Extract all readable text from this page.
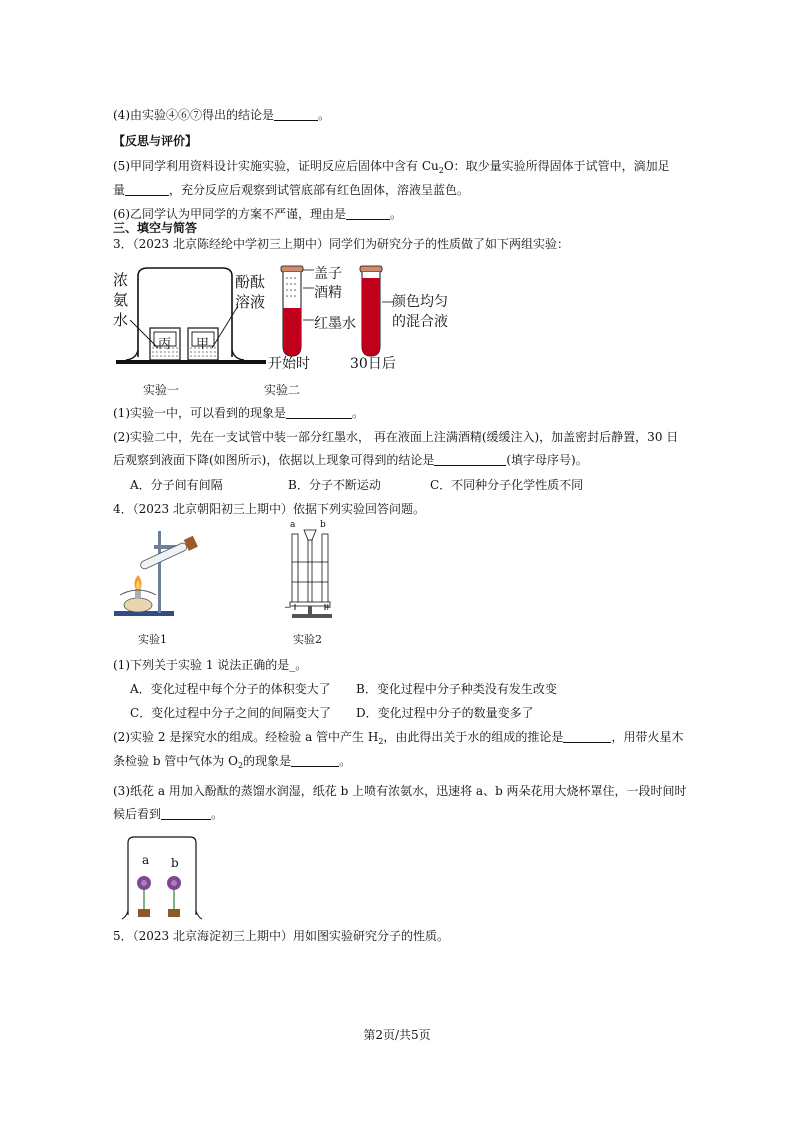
(4)由实验④⑥⑦得出的结论是	。
【反思与评价】
(5)甲同学利用资料设计实施实验，证明反应后固体中含有 $Cu_2O$：取少量实验所得固体于试管中，滴加足
量	，充分反应后观察到试管底部有红色固体，溶液呈蓝色。
(6)乙同学认为甲同学的方案不严谨，理由是	。
三、填空与简答
3．（2023 北京陈经纶中学初三上期中）同学们为研究分子的性质做了如下两组实验：
浓
氨
水
酚酞
溶液
丙 甲
实验一
盖子
酒精
红墨水
颜色均匀
的混合液
开始时	30日后
实验二
(1)实验一中，可以看到的现象是	。
(2)实验二中，先在一支试管中装一部分红墨水， 再在液面上注满酒精(缓缓注入)，加盖密封后静置，30 日
后观察到液面下降(如图所示)，依据以上现象可得到的结论是	(填字母序号)。
A．分子间有间隔	B．分子不断运动	C．不同种分子化学性质不同
4．（2023 北京朝阳初三上期中）依据下列实验回答问题。
实验1
a	b
−	+
实验2
(1)下列关于实验 1 说法正确的是_。
A．变化过程中每个分子的体积变大了 B．变化过程中分子种类没有发生改变
C．变化过程中分子之间的间隔变大了 D．变化过程中分子的数量变多了
(2)实验 2 是探究水的组成。经检验 a 管中产生 $H_2$，由此得出关于水的组成的推论是	，用带火星木
条检验 b 管中气体为 $O_2$的现象是	。
(3)纸花 a 用加入酚酞的蒸馏水润湿，纸花 b 上喷有浓氨水，迅速将 a、b 两朵花用大烧杯罩住，一段时间时
候后看到	。
a b
5．（2023 北京海淀初三上期中）用如图实验研究分子的性质。
第2页/共5页
